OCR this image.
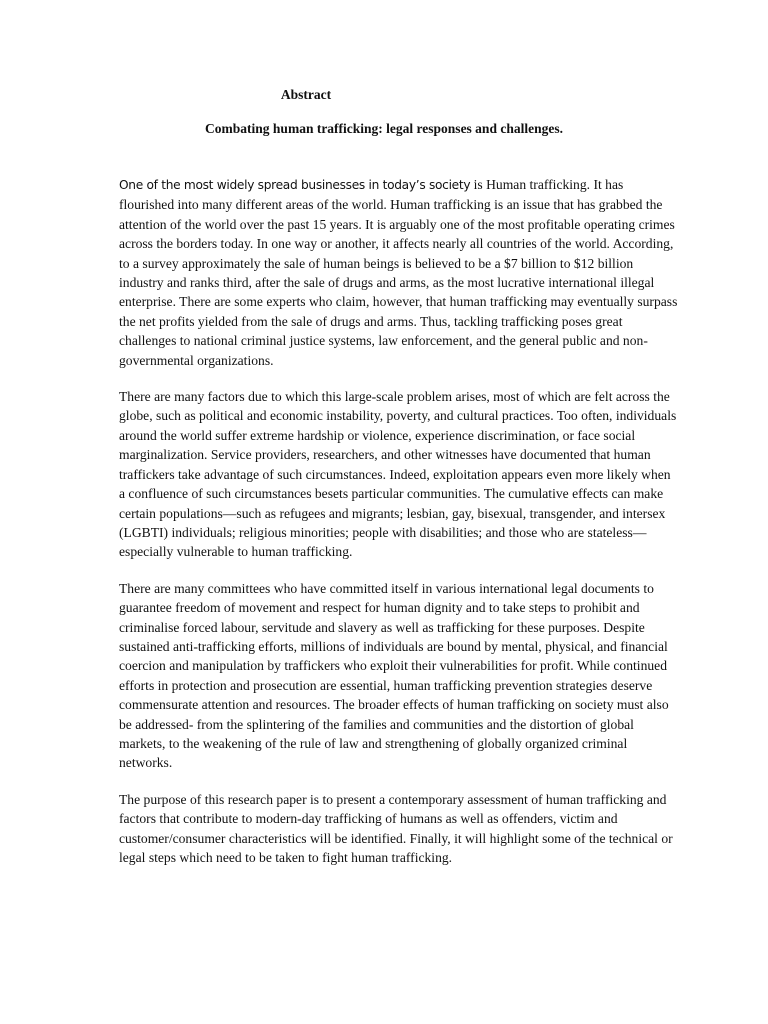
Abstract
Combating human trafficking: legal responses and challenges.

One of the most widely spread businesses in today’s society is Human trafficking. It has flourished into many different areas of the world. Human trafficking is an issue that has grabbed the attention of the world over the past 15 years. It is arguably one of the most profitable operating crimes across the borders today. In one way or another, it affects nearly all countries of the world. According, to a survey approximately the sale of human beings is believed to be a $7 billion to $12 billion industry and ranks third, after the sale of drugs and arms, as the most lucrative international illegal enterprise. There are some experts who claim, however, that human trafficking may eventually surpass the net profits yielded from the sale of drugs and arms. Thus, tackling trafficking poses great challenges to national criminal justice systems, law enforcement, and the general public and non-governmental organizations.

There are many factors due to which this large-scale problem arises, most of which are felt across the globe, such as political and economic instability, poverty, and cultural practices. Too often, individuals around the world suffer extreme hardship or violence, experience discrimination, or face social marginalization. Service providers, researchers, and other witnesses have documented that human traffickers take advantage of such circumstances. Indeed, exploitation appears even more likely when a confluence of such circumstances besets particular communities. The cumulative effects can make certain populations—such as refugees and migrants; lesbian, gay, bisexual, transgender, and intersex (LGBTI) individuals; religious minorities; people with disabilities; and those who are stateless—especially vulnerable to human trafficking.

There are many committees who have committed itself in various international legal documents to guarantee freedom of movement and respect for human dignity and to take steps to prohibit and criminalise forced labour, servitude and slavery as well as trafficking for these purposes. Despite sustained anti-trafficking efforts, millions of individuals are bound by mental, physical, and financial coercion and manipulation by traffickers who exploit their vulnerabilities for profit. While continued efforts in protection and prosecution are essential, human trafficking prevention strategies deserve commensurate attention and resources. The broader effects of human trafficking on society must also be addressed- from the splintering of the families and communities and the distortion of global markets, to the weakening of the rule of law and strengthening of globally organized criminal networks.

The purpose of this research paper is to present a contemporary assessment of human trafficking and factors that contribute to modern-day trafficking of humans as well as offenders, victim and customer/consumer characteristics will be identified. Finally, it will highlight some of the technical or legal steps which need to be taken to fight human trafficking.
